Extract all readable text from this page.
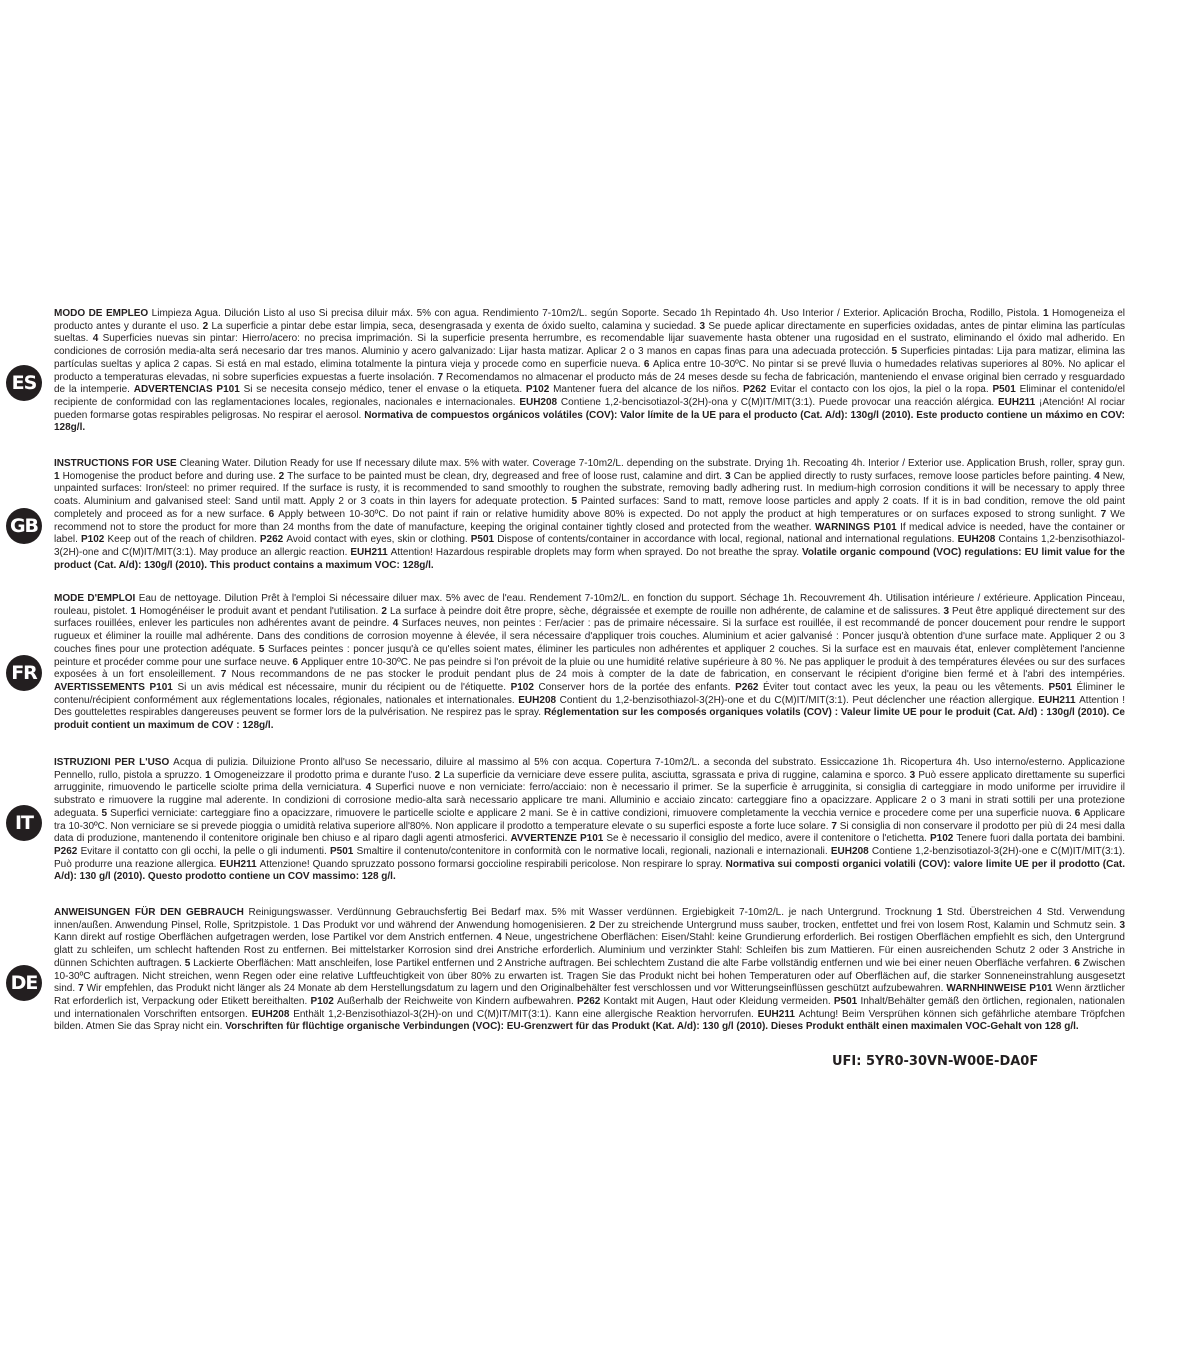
ES
MODO DE EMPLEO Limpieza Agua. Dilución Listo al uso Si precisa diluir máx. 5% con agua. Rendimiento 7-10m2/L. según Soporte. Secado 1h Repintado 4h. Uso Interior / Exterior. Aplicación Brocha, Rodillo, Pistola. 1 Homogeneiza el producto antes y durante el uso. 2 La superficie a pintar debe estar limpia, seca, desengrasada y exenta de óxido suelto, calamina y suciedad. 3 Se puede aplicar directamente en superficies oxidadas, antes de pintar elimina las partículas sueltas. 4 Superficies nuevas sin pintar: Hierro/acero: no precisa imprimación. Si la superficie presenta herrumbre, es recomendable lijar suavemente hasta obtener una rugosidad en el sustrato, eliminando el óxido mal adherido. En condiciones de corrosión media-alta será necesario dar tres manos. Aluminio y acero galvanizado: Lijar hasta matizar. Aplicar 2 o 3 manos en capas finas para una adecuada protección. 5 Superficies pintadas: Lija para matizar, elimina las partículas sueltas y aplica 2 capas. Si está en mal estado, elimina totalmente la pintura vieja y procede como en superficie nueva. 6 Aplica entre 10-30ºC. No pintar si se prevé lluvia o humedades relativas superiores al 80%. No aplicar el producto a temperaturas elevadas, ni sobre superficies expuestas a fuerte insolación. 7 Recomendamos no almacenar el producto más de 24 meses desde su fecha de fabricación, manteniendo el envase original bien cerrado y resguardado de la intemperie. ADVERTENCIAS P101 Si se necesita consejo médico, tener el envase o la etiqueta. P102 Mantener fuera del alcance de los niños. P262 Evitar el contacto con los ojos, la piel o la ropa. P501 Eliminar el contenido/el recipiente de conformidad con las reglamentaciones locales, regionales, nacionales e internacionales. EUH208 Contiene 1,2-bencisotiazol-3(2H)-ona y C(M)IT/MIT(3:1). Puede provocar una reacción alérgica. EUH211 ¡Atención! Al rociar pueden formarse gotas respirables peligrosas. No respirar el aerosol. Normativa de compuestos orgánicos volátiles (COV): Valor límite de la UE para el producto (Cat. A/d): 130g/l (2010). Este producto contiene un máximo en COV: 128g/l.
GB
INSTRUCTIONS FOR USE Cleaning Water. Dilution Ready for use If necessary dilute max. 5% with water. Coverage 7-10m2/L. depending on the substrate. Drying 1h. Recoating 4h. Interior / Exterior use. Application Brush, roller, spray gun. 1 Homogenise the product before and during use. 2 The surface to be painted must be clean, dry, degreased and free of loose rust, calamine and dirt. 3 Can be applied directly to rusty surfaces, remove loose particles before painting. 4 New, unpainted surfaces: Iron/steel: no primer required. If the surface is rusty, it is recommended to sand smoothly to roughen the substrate, removing badly adhering rust. In medium-high corrosion conditions it will be necessary to apply three coats. Aluminium and galvanised steel: Sand until matt. Apply 2 or 3 coats in thin layers for adequate protection. 5 Painted surfaces: Sand to matt, remove loose particles and apply 2 coats. If it is in bad condition, remove the old paint completely and proceed as for a new surface. 6 Apply between 10-30ºC. Do not paint if rain or relative humidity above 80% is expected. Do not apply the product at high temperatures or on surfaces exposed to strong sunlight. 7 We recommend not to store the product for more than 24 months from the date of manufacture, keeping the original container tightly closed and protected from the weather. WARNINGS P101 If medical advice is needed, have the container or label. P102 Keep out of the reach of children. P262 Avoid contact with eyes, skin or clothing. P501 Dispose of contents/container in accordance with local, regional, national and international regulations. EUH208 Contains 1,2-benzisothiazol-3(2H)-one and C(M)IT/MIT(3:1). May produce an allergic reaction. EUH211 Attention! Hazardous respirable droplets may form when sprayed. Do not breathe the spray. Volatile organic compound (VOC) regulations: EU limit value for the product (Cat. A/d): 130g/l (2010). This product contains a maximum VOC: 128g/l.
FR
MODE D'EMPLOI Eau de nettoyage. Dilution Prêt à l'emploi Si nécessaire diluer max. 5% avec de l'eau. Rendement 7-10m2/L. en fonction du support. Séchage 1h. Recouvrement 4h. Utilisation intérieure / extérieure. Application Pinceau, rouleau, pistolet. 1 Homogénéiser le produit avant et pendant l'utilisation. 2 La surface à peindre doit être propre, sèche, dégraissée et exempte de rouille non adhérente, de calamine et de salissures. 3 Peut être appliqué directement sur des surfaces rouillées, enlever les particules non adhérentes avant de peindre. 4 Surfaces neuves, non peintes : Fer/acier : pas de primaire nécessaire. Si la surface est rouillée, il est recommandé de poncer doucement pour rendre le support rugueux et éliminer la rouille mal adhérente. Dans des conditions de corrosion moyenne à élevée, il sera nécessaire d'appliquer trois couches. Aluminium et acier galvanisé : Poncer jusqu'à obtention d'une surface mate. Appliquer 2 ou 3 couches fines pour une protection adéquate. 5 Surfaces peintes : poncer jusqu'à ce qu'elles soient mates, éliminer les particules non adhérentes et appliquer 2 couches. Si la surface est en mauvais état, enlever complètement l'ancienne peinture et procéder comme pour une surface neuve. 6 Appliquer entre 10-30ºC. Ne pas peindre si l'on prévoit de la pluie ou une humidité relative supérieure à 80 %. Ne pas appliquer le produit à des températures élevées ou sur des surfaces exposées à un fort ensoleillement. 7 Nous recommandons de ne pas stocker le produit pendant plus de 24 mois à compter de la date de fabrication, en conservant le récipient d'origine bien fermé et à l'abri des intempéries. AVERTISSEMENTS P101 Si un avis médical est nécessaire, munir du récipient ou de l'étiquette. P102 Conserver hors de la portée des enfants. P262 Éviter tout contact avec les yeux, la peau ou les vêtements. P501 Éliminer le contenu/récipient conformément aux réglementations locales, régionales, nationales et internationales. EUH208 Contient du 1,2-benzisothiazol-3(2H)-one et du C(M)IT/MIT(3:1). Peut déclencher une réaction allergique. EUH211 Attention ! Des gouttelettes respirables dangereuses peuvent se former lors de la pulvérisation. Ne respirez pas le spray. Réglementation sur les composés organiques volatils (COV) : Valeur limite UE pour le produit (Cat. A/d) : 130g/l (2010). Ce produit contient un maximum de COV : 128g/l.
IT
ISTRUZIONI PER L'USO Acqua di pulizia. Diluizione Pronto all'uso Se necessario, diluire al massimo al 5% con acqua. Copertura 7-10m2/L. a seconda del substrato. Essiccazione 1h. Ricopertura 4h. Uso interno/esterno. Applicazione Pennello, rullo, pistola a spruzzo. 1 Omogeneizzare il prodotto prima e durante l'uso. 2 La superficie da verniciare deve essere pulita, asciutta, sgrassata e priva di ruggine, calamina e sporco. 3 Può essere applicato direttamente su superfici arrugginite, rimuovendo le particelle sciolte prima della verniciatura. 4 Superfici nuove e non verniciate: ferro/acciaio: non è necessario il primer. Se la superficie è arrugginita, si consiglia di carteggiare in modo uniforme per irruvidire il substrato e rimuovere la ruggine mal aderente. In condizioni di corrosione medio-alta sarà necessario applicare tre mani. Alluminio e acciaio zincato: carteggiare fino a opacizzare. Applicare 2 o 3 mani in strati sottili per una protezione adeguata. 5 Superfici verniciate: carteggiare fino a opacizzare, rimuovere le particelle sciolte e applicare 2 mani. Se è in cattive condizioni, rimuovere completamente la vecchia vernice e procedere come per una superficie nuova. 6 Applicare tra 10-30ºC. Non verniciare se si prevede pioggia o umidità relativa superiore all'80%. Non applicare il prodotto a temperature elevate o su superfici esposte a forte luce solare. 7 Si consiglia di non conservare il prodotto per più di 24 mesi dalla data di produzione, mantenendo il contenitore originale ben chiuso e al riparo dagli agenti atmosferici. AVVERTENZE P101 Se è necessario il consiglio del medico, avere il contenitore o l'etichetta. P102 Tenere fuori dalla portata dei bambini. P262 Evitare il contatto con gli occhi, la pelle o gli indumenti. P501 Smaltire il contenuto/contenitore in conformità con le normative locali, regionali, nazionali e internazionali. EUH208 Contiene 1,2-benzisotiazol-3(2H)-one e C(M)IT/MIT(3:1). Può produrre una reazione allergica. EUH211 Attenzione! Quando spruzzato possono formarsi goccioline respirabili pericolose. Non respirare lo spray. Normativa sui composti organici volatili (COV): valore limite UE per il prodotto (Cat. A/d): 130 g/l (2010). Questo prodotto contiene un COV massimo: 128 g/l.
DE
ANWEISUNGEN FÜR DEN GEBRAUCH Reinigungswasser. Verdünnung Gebrauchsfertig Bei Bedarf max. 5% mit Wasser verdünnen. Ergiebigkeit 7-10m2/L. je nach Untergrund. Trocknung 1 Std. Überstreichen 4 Std. Verwendung innen/außen. Anwendung Pinsel, Rolle, Spritzpistole. 1 Das Produkt vor und während der Anwendung homogenisieren. 2 Der zu streichende Untergrund muss sauber, trocken, entfettet und frei von losem Rost, Kalamin und Schmutz sein. 3 Kann direkt auf rostige Oberflächen aufgetragen werden, lose Partikel vor dem Anstrich entfernen. 4 Neue, ungestrichene Oberflächen: Eisen/Stahl: keine Grundierung erforderlich. Bei rostigen Oberflächen empfiehlt es sich, den Untergrund glatt zu schleifen, um schlecht haftenden Rost zu entfernen. Bei mittelstarker Korrosion sind drei Anstriche erforderlich. Aluminium und verzinkter Stahl: Schleifen bis zum Mattieren. Für einen ausreichenden Schutz 2 oder 3 Anstriche in dünnen Schichten auftragen. 5 Lackierte Oberflächen: Matt anschleifen, lose Partikel entfernen und 2 Anstriche auftragen. Bei schlechtem Zustand die alte Farbe vollständig entfernen und wie bei einer neuen Oberfläche verfahren. 6 Zwischen 10-30ºC auftragen. Nicht streichen, wenn Regen oder eine relative Luftfeuchtigkeit von über 80% zu erwarten ist. Tragen Sie das Produkt nicht bei hohen Temperaturen oder auf Oberflächen auf, die starker Sonneneinstrahlung ausgesetzt sind. 7 Wir empfehlen, das Produkt nicht länger als 24 Monate ab dem Herstellungsdatum zu lagern und den Originalbehälter fest verschlossen und vor Witterungseinflüssen geschützt aufzubewahren. WARNHINWEISE P101 Wenn ärztlicher Rat erforderlich ist, Verpackung oder Etikett bereithalten. P102 Außerhalb der Reichweite von Kindern aufbewahren. P262 Kontakt mit Augen, Haut oder Kleidung vermeiden. P501 Inhalt/Behälter gemäß den örtlichen, regionalen, nationalen und internationalen Vorschriften entsorgen. EUH208 Enthält 1,2-Benzisothiazol-3(2H)-on und C(M)IT/MIT(3:1). Kann eine allergische Reaktion hervorrufen. EUH211 Achtung! Beim Versprühen können sich gefährliche atembare Tröpfchen bilden. Atmen Sie das Spray nicht ein. Vorschriften für flüchtige organische Verbindungen (VOC): EU-Grenzwert für das Produkt (Kat. A/d): 130 g/l (2010). Dieses Produkt enthält einen maximalen VOC-Gehalt von 128 g/l.
UFI: 5YR0-30VN-W00E-DA0F
